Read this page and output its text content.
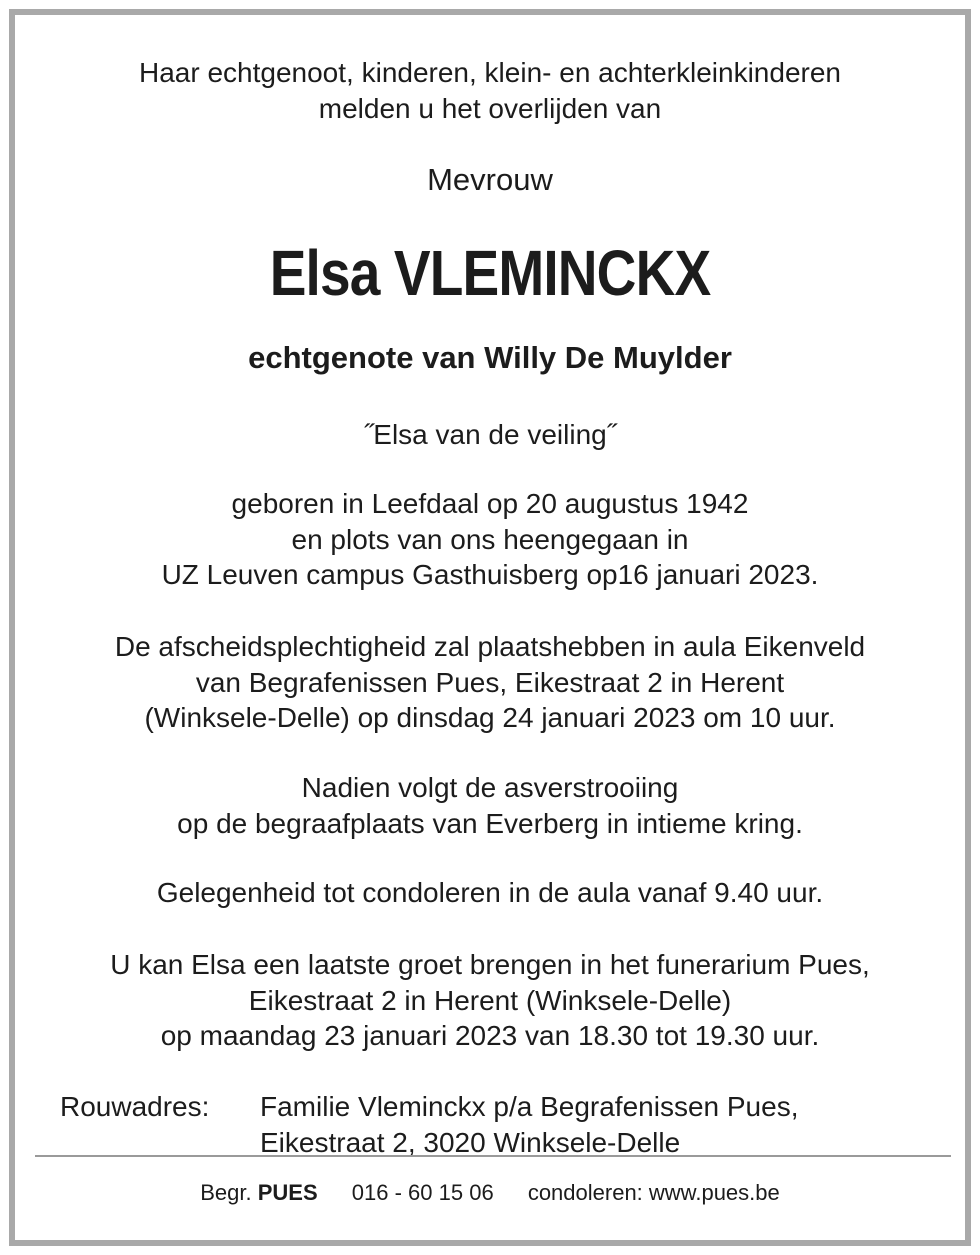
Haar echtgenoot, kinderen, klein- en achterkleinkinderen
melden u het overlijden van
Mevrouw
Elsa VLEMINCKX
echtgenote van Willy De Muylder
˝Elsa van de veiling˝
geboren in Leefdaal op 20 augustus 1942
en plots van ons heengegaan in
UZ Leuven campus Gasthuisberg op16 januari 2023.
De afscheidsplechtigheid zal plaatshebben in aula Eikenveld
van Begrafenissen Pues, Eikestraat 2 in Herent
(Winksele-Delle) op dinsdag 24 januari 2023 om 10 uur.
Nadien volgt de asverstrooiing
op de begraafplaats van Everberg in intieme kring.
Gelegenheid tot condoleren in de aula vanaf 9.40 uur.
U kan Elsa een laatste groet brengen in het funerarium Pues,
Eikestraat 2 in Herent (Winksele-Delle)
op maandag 23 januari 2023 van 18.30 tot 19.30 uur.
Rouwadres: Familie Vleminckx p/a Begrafenissen Pues,
Eikestraat 2, 3020 Winksele-Delle
Begr. PUES 016 - 60 15 06 condoleren: www.pues.be
